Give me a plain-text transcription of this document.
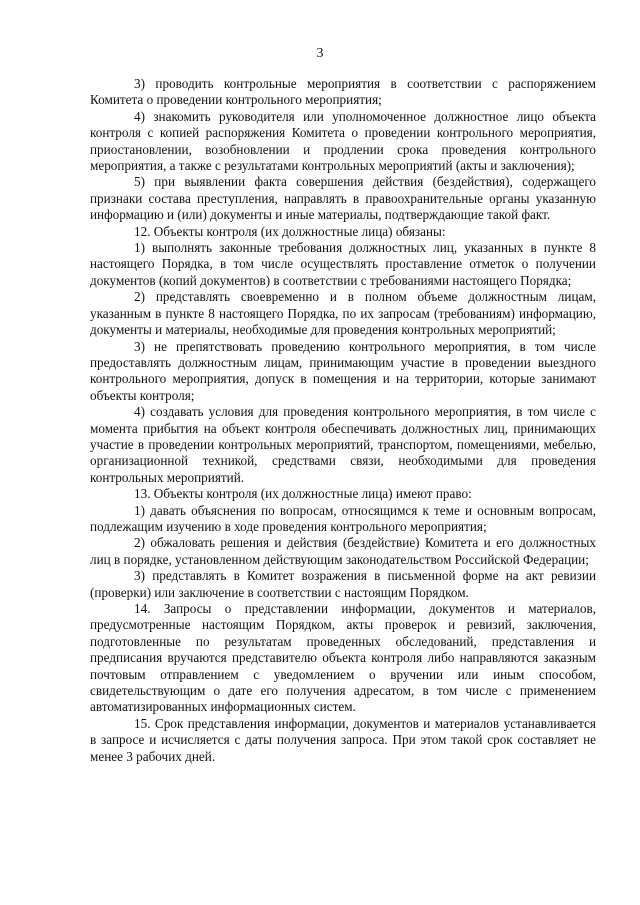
3

3) проводить контрольные мероприятия в соответствии с распоряжением Комитета о проведении контрольного мероприятия;

4) знакомить руководителя или уполномоченное должностное лицо объекта контроля с копией распоряжения Комитета о проведении контрольного мероприятия, приостановлении, возобновлении и продлении срока проведения контрольного мероприятия, а также с результатами контрольных мероприятий (акты и заключения);

5) при выявлении факта совершения действия (бездействия), содержащего признаки состава преступления, направлять в правоохранительные органы указанную информацию и (или) документы и иные материалы, подтверждающие такой факт.

12. Объекты контроля (их должностные лица) обязаны:

1) выполнять законные требования должностных лиц, указанных в пункте 8 настоящего Порядка, в том числе осуществлять проставление отметок о получении документов (копий документов) в соответствии с требованиями настоящего Порядка;

2) представлять своевременно и в полном объеме должностным лицам, указанным в пункте 8 настоящего Порядка, по их запросам (требованиям) информацию, документы и материалы, необходимые для проведения контрольных мероприятий;

3) не препятствовать проведению контрольного мероприятия, в том числе предоставлять должностным лицам, принимающим участие в проведении выездного контрольного мероприятия, допуск в помещения и на территории, которые занимают объекты контроля;

4) создавать условия для проведения контрольного мероприятия, в том числе с момента прибытия на объект контроля обеспечивать должностных лиц, принимающих участие в проведении контрольных мероприятий, транспортом, помещениями, мебелью, организационной техникой, средствами связи, необходимыми для проведения контрольных мероприятий.

13. Объекты контроля (их должностные лица) имеют право:

1) давать объяснения по вопросам, относящимся к теме и основным вопросам, подлежащим изучению в ходе проведения контрольного мероприятия;

2) обжаловать решения и действия (бездействие) Комитета и его должностных лиц в порядке, установленном действующим законодательством Российской Федерации;

3) представлять в Комитет возражения в письменной форме на акт ревизии (проверки) или заключение в соответствии с настоящим Порядком.

14. Запросы о представлении информации, документов и материалов, предусмотренные настоящим Порядком, акты проверок и ревизий, заключения, подготовленные по результатам проведенных обследований, представления и предписания вручаются представителю объекта контроля либо направляются заказным почтовым отправлением с уведомлением о вручении или иным способом, свидетельствующим о дате его получения адресатом, в том числе с применением автоматизированных информационных систем.

15. Срок представления информации, документов и материалов устанавливается в запросе и исчисляется с даты получения запроса. При этом такой срок составляет не менее 3 рабочих дней.
